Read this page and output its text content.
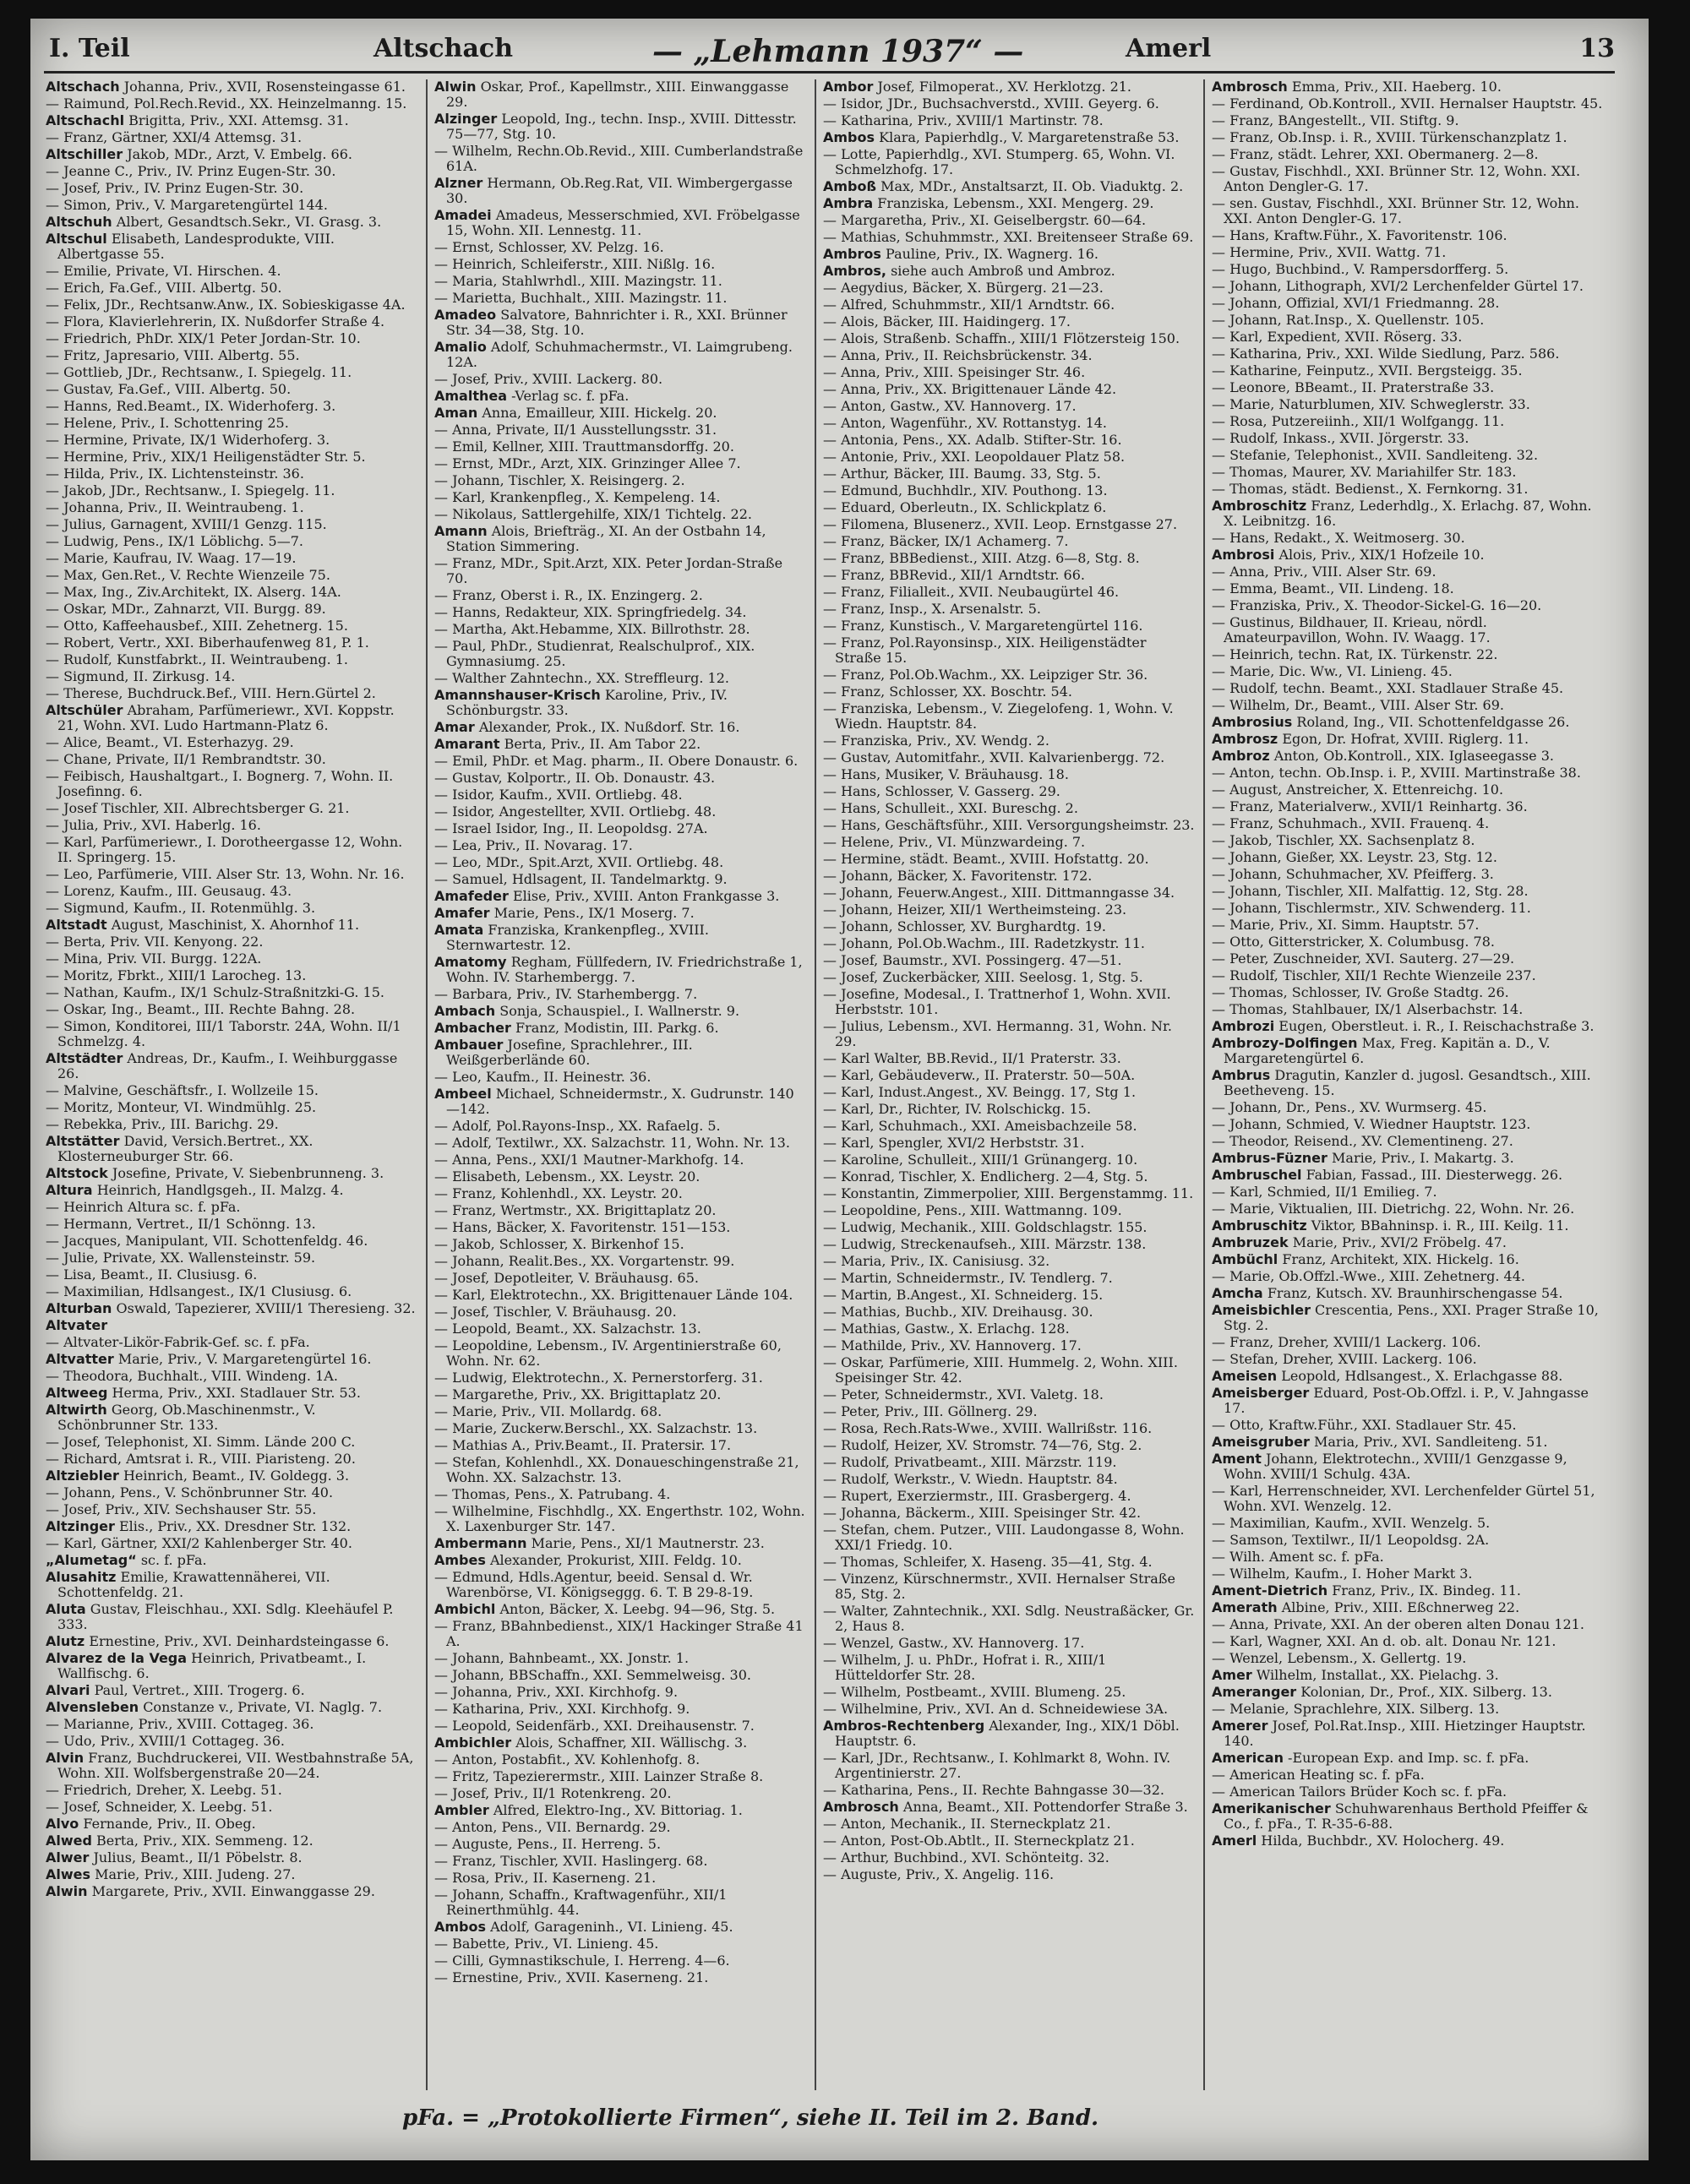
I. Teil	Altschach	— „Lehmann 1937“ —	Amerl	13
Altschach Johanna, Priv., XVII, Rosensteingasse 61.
— Raimund, Pol.Rech.Revid., XX. Heinzelmanng. 15.
Altschachl Brigitta, Priv., XXI. Attemsg. 31.
— Franz, Gärtner, XXI/4 Attemsg. 31.
Altschiller Jakob, MDr., Arzt, V. Embelg. 66.
— Jeanne C., Priv., IV. Prinz Eugen-Str. 30.
— Josef, Priv., IV. Prinz Eugen-Str. 30.
— Simon, Priv., V. Margaretengürtel 144.
Altschuh Albert, Gesandtsch.Sekr., VI. Grasg. 3.
Altschul Elisabeth, Landesprodukte, VIII. Albertgasse 55.
— Emilie, Private, VI. Hirschen. 4.
— Erich, Fa.Gef., VIII. Albertg. 50.
— Felix, JDr., Rechtsanw.Anw., IX. Sobieskigasse 4A.
— Flora, Klavierlehrerin, IX. Nußdorfer Straße 4.
— Friedrich, PhDr. XIX/1 Peter Jordan-Str. 10.
— Fritz, Japresario, VIII. Albertg. 55.
— Gottlieb, JDr., Rechtsanw., I. Spiegelg. 11.
— Gustav, Fa.Gef., VIII. Albertg. 50.
— Hanns, Red.Beamt., IX. Widerhoferg. 3.
— Helene, Priv., I. Schottenring 25.
— Hermine, Private, IX/1 Widerhoferg. 3.
— Hermine, Priv., XIX/1 Heiligenstädter Str. 5.
— Hilda, Priv., IX. Lichtensteinstr. 36.
— Jakob, JDr., Rechtsanw., I. Spiegelg. 11.
— Johanna, Priv., II. Weintraubeng. 1.
— Julius, Garnagent, XVIII/1 Genzg. 115.
— Ludwig, Pens., IX/1 Löblichg. 5—7.
— Marie, Kaufrau, IV. Waag. 17—19.
— Max, Gen.Ret., V. Rechte Wienzeile 75.
— Max, Ing., Ziv.Architekt, IX. Alserg. 14A.
— Oskar, MDr., Zahnarzt, VII. Burgg. 89.
— Otto, Kaffeehausbef., XIII. Zehetnerg. 15.
— Robert, Vertr., XXI. Biberhaufenweg 81, P. 1.
— Rudolf, Kunstfabrkt., II. Weintraubeng. 1.
— Sigmund, II. Zirkusg. 14.
— Therese, Buchdruck.Bef., VIII. Hern.Gürtel 2.
Altschüler Abraham, Parfümeriewr., XVI. Koppstr. 21, Wohn. XVI. Ludo Hartmann-Platz 6.
— Alice, Beamt., VI. Esterhazyg. 29.
— Chane, Private, II/1 Rembrandtstr. 30.
— Feibisch, Haushaltgart., I. Bognerg. 7, Wohn. II. Josefinng. 6.
— Josef Tischler, XII. Albrechtsberger G. 21.
— Julia, Priv., XVI. Haberlg. 16.
— Karl, Parfümeriewr., I. Dorotheergasse 12, Wohn. II. Springerg. 15.
— Leo, Parfümerie, VIII. Alser Str. 13, Wohn. Nr. 16.
— Lorenz, Kaufm., III. Geusaug. 43.
— Sigmund, Kaufm., II. Rotenmühlg. 3.
Altstadt August, Maschinist, X. Ahornhof 11.
— Berta, Priv. VII. Kenyong. 22.
— Mina, Priv. VII. Burgg. 122A.
— Moritz, Fbrkt., XIII/1 Larocheg. 13.
— Nathan, Kaufm., IX/1 Schulz-Straßnitzki-G. 15.
— Oskar, Ing., Beamt., III. Rechte Bahng. 28.
— Simon, Konditorei, III/1 Taborstr. 24A, Wohn. II/1 Schmelzg. 4.
Altstädter Andreas, Dr., Kaufm., I. Weihburggasse 26.
— Malvine, Geschäftsfr., I. Wollzeile 15.
— Moritz, Monteur, VI. Windmühlg. 25.
— Rebekka, Priv., III. Barichg. 29.
Altstätter David, Versich.Bertret., XX. Klosterneuburger Str. 66.
Altstock Josefine, Private, V. Siebenbrunneng. 3.
Altura Heinrich, Handlgsgeh., II. Malzg. 4.
— Heinrich Altura sc. f. pFa.
— Hermann, Vertret., II/1 Schönng. 13.
— Jacques, Manipulant, VII. Schottenfeldg. 46.
— Julie, Private, XX. Wallensteinstr. 59.
— Lisa, Beamt., II. Clusiusg. 6.
— Maximilian, Hdlsangest., IX/1 Clusiusg. 6.
Alturban Oswald, Tapezierer, XVIII/1 Theresieng. 32.
Altvater
— Altvater-Likör-Fabrik-Gef. sc. f. pFa.
Altvatter Marie, Priv., V. Margaretengürtel 16.
— Theodora, Buchhalt., VIII. Windeng. 1A.
Altweeg Herma, Priv., XXI. Stadlauer Str. 53.
Altwirth Georg, Ob.Maschinenmstr., V. Schönbrunner Str. 133.
— Josef, Telephonist, XI. Simm. Lände 200 C.
— Richard, Amtsrat i. R., VIII. Piaristeng. 20.
Altziebler Heinrich, Beamt., IV. Goldegg. 3.
— Johann, Pens., V. Schönbrunner Str. 40.
— Josef, Priv., XIV. Sechshauser Str. 55.
Altzinger Elis., Priv., XX. Dresdner Str. 132.
— Karl, Gärtner, XXI/2 Kahlenberger Str. 40.
„Alumetag“ sc. f. pFa.
Alusahitz Emilie, Krawattennäherei, VII. Schottenfeldg. 21.
Aluta Gustav, Fleischhau., XXI. Sdlg. Kleehäufel P. 333.
Alutz Ernestine, Priv., XVI. Deinhardsteingasse 6.
Alvarez de la Vega Heinrich, Privatbeamt., I. Wallfischg. 6.
Alvari Paul, Vertret., XIII. Trogerg. 6.
Alvensleben Constanze v., Private, VI. Naglg. 7.
— Marianne, Priv., XVIII. Cottageg. 36.
— Udo, Priv., XVIII/1 Cottageg. 36.
Alvin Franz, Buchdruckerei, VII. Westbahnstraße 5A, Wohn. XII. Wolfsbergenstraße 20—24.
— Friedrich, Dreher, X. Leebg. 51.
— Josef, Schneider, X. Leebg. 51.
Alvo Fernande, Priv., II. Obeg.
Alwed Berta, Priv., XIX. Semmeng. 12.
Alwer Julius, Beamt., II/1 Pöbelstr. 8.
Alwes Marie, Priv., XIII. Judeng. 27.
Alwin Margarete, Priv., XVII. Einwanggasse 29.
Alwin Oskar, Prof., Kapellmstr., XIII. Einwanggasse 29.
Alzinger Leopold, Ing., techn. Insp., XVIII. Dittesstr. 75—77, Stg. 10.
— Wilhelm, Rechn.Ob.Revid., XIII. Cumberlandstraße 61A.
Alzner Hermann, Ob.Reg.Rat, VII. Wimbergergasse 30.
Amadei Amadeus, Messerschmied, XVI. Fröbelgasse 15, Wohn. XII. Lennestg. 11.
— Ernst, Schlosser, XV. Pelzg. 16.
— Heinrich, Schleiferstr., XIII. Nißlg. 16.
— Maria, Stahlwrhdl., XIII. Mazingstr. 11.
— Marietta, Buchhalt., XIII. Mazingstr. 11.
Amadeo Salvatore, Bahnrichter i. R., XXI. Brünner Str. 34—38, Stg. 10.
Amalio Adolf, Schuhmachermstr., VI. Laimgrubeng. 12A.
— Josef, Priv., XVIII. Lackerg. 80.
Amalthea -Verlag sc. f. pFa.
Aman Anna, Emailleur, XIII. Hickelg. 20.
— Anna, Private, II/1 Ausstellungsstr. 31.
— Emil, Kellner, XIII. Trauttmansdorffg. 20.
— Ernst, MDr., Arzt, XIX. Grinzinger Allee 7.
— Johann, Tischler, X. Reisingerg. 2.
— Karl, Krankenpfleg., X. Kempeleng. 14.
— Nikolaus, Sattlergehilfe, XIX/1 Tichtelg. 22.
Amann Alois, Briefträg., XI. An der Ostbahn 14, Station Simmering.
— Franz, MDr., Spit.Arzt, XIX. Peter Jordan-Straße 70.
— Franz, Oberst i. R., IX. Enzingerg. 2.
— Hanns, Redakteur, XIX. Springfriedelg. 34.
— Martha, Akt.Hebamme, XIX. Billrothstr. 28.
— Paul, PhDr., Studienrat, Realschulprof., XIX. Gymnasiumg. 25.
— Walther Zahntechn., XX. Streffleurg. 12.
Amannshauser-Krisch Karoline, Priv., IV. Schönburgstr. 33.
Amar Alexander, Prok., IX. Nußdorf. Str. 16.
Amarant Berta, Priv., II. Am Tabor 22.
— Emil, PhDr. et Mag. pharm., II. Obere Donaustr. 6.
— Gustav, Kolportr., II. Ob. Donaustr. 43.
— Isidor, Kaufm., XVII. Ortliebg. 48.
— Isidor, Angestellter, XVII. Ortliebg. 48.
— Israel Isidor, Ing., II. Leopoldsg. 27A.
— Lea, Priv., II. Novarag. 17.
— Leo, MDr., Spit.Arzt, XVII. Ortliebg. 48.
— Samuel, Hdlsagent, II. Tandelmarktg. 9.
Amafeder Elise, Priv., XVIII. Anton Frankgasse 3.
Amafer Marie, Pens., IX/1 Moserg. 7.
Amata Franziska, Krankenpfleg., XVIII. Sternwartestr. 12.
Amatomy Regham, Füllfedern, IV. Friedrichstraße 1, Wohn. IV. Starhembergg. 7.
— Barbara, Priv., IV. Starhembergg. 7.
Ambach Sonja, Schauspiel., I. Wallnerstr. 9.
Ambacher Franz, Modistin, III. Parkg. 6.
Ambauer Josefine, Sprachlehrer., III. Weißgerberlände 60.
— Leo, Kaufm., II. Heinestr. 36.
Ambeel Michael, Schneidermstr., X. Gudrunstr. 140—142.
— Adolf, Pol.Rayons-Insp., XX. Rafaelg. 5.
— Adolf, Textilwr., XX. Salzachstr. 11, Wohn. Nr. 13.
— Anna, Pens., XXI/1 Mautner-Markhofg. 14.
— Elisabeth, Lebensm., XX. Leystr. 20.
— Franz, Kohlenhdl., XX. Leystr. 20.
— Franz, Wertmstr., XX. Brigittaplatz 20.
— Hans, Bäcker, X. Favoritenstr. 151—153.
— Jakob, Schlosser, X. Birkenhof 15.
— Johann, Realit.Bes., XX. Vorgartenstr. 99.
— Josef, Depotleiter, V. Bräuhausg. 65.
— Karl, Elektrotechn., XX. Brigittenauer Lände 104.
— Josef, Tischler, V. Bräuhausg. 20.
— Leopold, Beamt., XX. Salzachstr. 13.
— Leopoldine, Lebensm., IV. Argentinierstraße 60, Wohn. Nr. 62.
— Ludwig, Elektrotechn., X. Pernerstorferg. 31.
— Margarethe, Priv., XX. Brigittaplatz 20.
— Marie, Priv., VII. Mollardg. 68.
— Marie, Zuckerw.Berschl., XX. Salzachstr. 13.
— Mathias A., Priv.Beamt., II. Pratersir. 17.
— Stefan, Kohlenhdl., XX. Donaueschingenstraße 21, Wohn. XX. Salzachstr. 13.
— Thomas, Pens., X. Patrubang. 4.
— Wilhelmine, Fischhdlg., XX. Engerthstr. 102, Wohn. X. Laxenburger Str. 147.
Ambermann Marie, Pens., XI/1 Mautnerstr. 23.
Ambes Alexander, Prokurist, XIII. Feldg. 10.
— Edmund, Hdls.Agentur, beeid. Sensal d. Wr. Warenbörse, VI. Königseggg. 6. T. B 29-8-19.
Ambichl Anton, Bäcker, X. Leebg. 94—96, Stg. 5.
— Franz, BBahnbedienst., XIX/1 Hackinger Straße 41 A.
— Johann, Bahnbeamt., XX. Jonstr. 1.
— Johann, BBSchaffn., XXI. Semmelweisg. 30.
— Johanna, Priv., XXI. Kirchhofg. 9.
— Katharina, Priv., XXI. Kirchhofg. 9.
— Leopold, Seidenfärb., XXI. Dreihausenstr. 7.
Ambichler Alois, Schaffner, XII. Wällischg. 3.
— Anton, Postabfit., XV. Kohlenhofg. 8.
— Fritz, Tapezierermstr., XIII. Lainzer Straße 8.
— Josef, Priv., II/1 Rotenkreng. 20.
Ambler Alfred, Elektro-Ing., XV. Bittoriag. 1.
— Anton, Pens., VII. Bernardg. 29.
— Auguste, Pens., II. Herreng. 5.
— Franz, Tischler, XVII. Haslingerg. 68.
— Rosa, Priv., II. Kaserneng. 21.
— Johann, Schaffn., Kraftwagenführ., XII/1 Reinerthmühlg. 44.
Ambos Adolf, Garageninh., VI. Linieng. 45.
— Babette, Priv., VI. Linieng. 45.
— Cilli, Gymnastikschule, I. Herreng. 4—6.
— Ernestine, Priv., XVII. Kaserneng. 21.
Ambor Josef, Filmoperat., XV. Herklotzg. 21.
— Isidor, JDr., Buchsachverstd., XVIII. Geyerg. 6.
— Katharina, Priv., XVIII/1 Martinstr. 78.
Ambos Klara, Papierhdlg., V. Margaretenstraße 53.
— Lotte, Papierhdlg., XVI. Stumperg. 65, Wohn. VI. Schmelzhofg. 17.
Amboß Max, MDr., Anstaltsarzt, II. Ob. Viaduktg. 2.
Ambra Franziska, Lebensm., XXI. Mengerg. 29.
— Margaretha, Priv., XI. Geiselbergstr. 60—64.
— Mathias, Schuhmmstr., XXI. Breitenseer Straße 69.
Ambros Pauline, Priv., IX. Wagnerg. 16.
Ambros, siehe auch Ambroß und Ambroz.
— Aegydius, Bäcker, X. Bürgerg. 21—23.
— Alfred, Schuhmmstr., XII/1 Arndtstr. 66.
— Alois, Bäcker, III. Haidingerg. 17.
— Alois, Straßenb. Schaffn., XIII/1 Flötzersteig 150.
— Anna, Priv., II. Reichsbrückenstr. 34.
— Anna, Priv., XIII. Speisinger Str. 46.
— Anna, Priv., XX. Brigittenauer Lände 42.
— Anton, Gastw., XV. Hannoverg. 17.
— Anton, Wagenführ., XV. Rottanstyg. 14.
— Antonia, Pens., XX. Adalb. Stifter-Str. 16.
— Antonie, Priv., XXI. Leopoldauer Platz 58.
— Arthur, Bäcker, III. Baumg. 33, Stg. 5.
— Edmund, Buchhdlr., XIV. Pouthong. 13.
— Eduard, Oberleutn., IX. Schlickplatz 6.
— Filomena, Blusenerz., XVII. Leop. Ernstgasse 27.
— Franz, Bäcker, IX/1 Achamerg. 7.
— Franz, BBBedienst., XIII. Atzg. 6—8, Stg. 8.
— Franz, BBRevid., XII/1 Arndtstr. 66.
— Franz, Filialleit., XVII. Neubaugürtel 46.
— Franz, Insp., X. Arsenalstr. 5.
— Franz, Kunstisch., V. Margaretengürtel 116.
— Franz, Pol.Rayonsinsp., XIX. Heiligenstädter Straße 15.
— Franz, Pol.Ob.Wachm., XX. Leipziger Str. 36.
— Franz, Schlosser, XX. Boschtr. 54.
— Franziska, Lebensm., V. Ziegelofeng. 1, Wohn. V. Wiedn. Hauptstr. 84.
— Franziska, Priv., XV. Wendg. 2.
— Gustav, Automitfahr., XVII. Kalvarienbergg. 72.
— Hans, Musiker, V. Bräuhausg. 18.
— Hans, Schlosser, V. Gasserg. 29.
— Hans, Schulleit., XXI. Bureschg. 2.
— Hans, Geschäftsführ., XIII. Versorgungsheimstr. 23.
— Helene, Priv., VI. Münzwardeing. 7.
— Hermine, städt. Beamt., XVIII. Hofstattg. 20.
— Johann, Bäcker, X. Favoritenstr. 172.
— Johann, Feuerw.Angest., XIII. Dittmanngasse 34.
— Johann, Heizer, XII/1 Wertheimsteing. 23.
— Johann, Schlosser, XV. Burghardtg. 19.
— Johann, Pol.Ob.Wachm., III. Radetzkystr. 11.
— Josef, Baumstr., XVI. Possingerg. 47—51.
— Josef, Zuckerbäcker, XIII. Seelosg. 1, Stg. 5.
— Josefine, Modesal., I. Trattnerhof 1, Wohn. XVII. Herbststr. 101.
— Julius, Lebensm., XVI. Hermanng. 31, Wohn. Nr. 29.
— Karl Walter, BB.Revid., II/1 Praterstr. 33.
— Karl, Gebäudeverw., II. Praterstr. 50—50A.
— Karl, Indust.Angest., XV. Beingg. 17, Stg 1.
— Karl, Dr., Richter, IV. Rolschickg. 15.
— Karl, Schuhmach., XXI. Ameisbachzeile 58.
— Karl, Spengler, XVI/2 Herbststr. 31.
— Karoline, Schulleit., XIII/1 Grünangerg. 10.
— Konrad, Tischler, X. Endlicherg. 2—4, Stg. 5.
— Konstantin, Zimmerpolier, XIII. Bergenstammg. 11.
— Leopoldine, Pens., XIII. Wattmanng. 109.
— Ludwig, Mechanik., XIII. Goldschlagstr. 155.
— Ludwig, Streckenaufseh., XIII. Märzstr. 138.
— Maria, Priv., IX. Canisiusg. 32.
— Martin, Schneidermstr., IV. Tendlerg. 7.
— Martin, B.Angest., XI. Schneiderg. 15.
— Mathias, Buchb., XIV. Dreihausg. 30.
— Mathias, Gastw., X. Erlachg. 128.
— Mathilde, Priv., XV. Hannoverg. 17.
— Oskar, Parfümerie, XIII. Hummelg. 2, Wohn. XIII. Speisinger Str. 42.
— Peter, Schneidermstr., XVI. Valetg. 18.
— Peter, Priv., III. Göllnerg. 29.
— Rosa, Rech.Rats-Wwe., XVIII. Wallrißstr. 116.
— Rudolf, Heizer, XV. Stromstr. 74—76, Stg. 2.
— Rudolf, Privatbeamt., XIII. Märzstr. 119.
— Rudolf, Werkstr., V. Wiedn. Hauptstr. 84.
— Rupert, Exerziermstr., III. Grasbergerg. 4.
— Johanna, Bäckerm., XIII. Speisinger Str. 42.
— Stefan, chem. Putzer., VIII. Laudongasse 8, Wohn. XXI/1 Friedg. 10.
— Thomas, Schleifer, X. Haseng. 35—41, Stg. 4.
— Vinzenz, Kürschnermstr., XVII. Hernalser Straße 85, Stg. 2.
— Walter, Zahntechnik., XXI. Sdlg. Neustraßäcker, Gr. 2, Haus 8.
— Wenzel, Gastw., XV. Hannoverg. 17.
— Wilhelm, J. u. PhDr., Hofrat i. R., XIII/1 Hütteldorfer Str. 28.
— Wilhelm, Postbeamt., XVIII. Blumeng. 25.
— Wilhelmine, Priv., XVI. An d. Schneidewiese 3A.
Ambros-Rechtenberg Alexander, Ing., XIX/1 Döbl. Hauptstr. 6.
— Karl, JDr., Rechtsanw., I. Kohlmarkt 8, Wohn. IV. Argentinierstr. 27.
— Katharina, Pens., II. Rechte Bahngasse 30—32.
Ambrosch Anna, Beamt., XII. Pottendorfer Straße 3.
— Anton, Mechanik., II. Sterneckplatz 21.
— Anton, Post-Ob.Abtlt., II. Sterneckplatz 21.
— Arthur, Buchbind., XVI. Schönteitg. 32.
— Auguste, Priv., X. Angelig. 116.
Ambrosch Emma, Priv., XII. Haeberg. 10.
— Ferdinand, Ob.Kontroll., XVII. Hernalser Hauptstr. 45.
— Franz, BAngestellt., VII. Stiftg. 9.
— Franz, Ob.Insp. i. R., XVIII. Türkenschanzplatz 1.
— Franz, städt. Lehrer, XXI. Obermanerg. 2—8.
— Gustav, Fischhdl., XXI. Brünner Str. 12, Wohn. XXI. Anton Dengler-G. 17.
— sen. Gustav, Fischhdl., XXI. Brünner Str. 12, Wohn. XXI. Anton Dengler-G. 17.
— Hans, Kraftw.Führ., X. Favoritenstr. 106.
— Hermine, Priv., XVII. Wattg. 71.
— Hugo, Buchbind., V. Rampersdorfferg. 5.
— Johann, Lithograph, XVI/2 Lerchenfelder Gürtel 17.
— Johann, Offizial, XVI/1 Friedmanng. 28.
— Johann, Rat.Insp., X. Quellenstr. 105.
— Karl, Expedient, XVII. Röserg. 33.
— Katharina, Priv., XXI. Wilde Siedlung, Parz. 586.
— Katharine, Feinputz., XVII. Bergsteigg. 35.
— Leonore, BBeamt., II. Praterstraße 33.
— Marie, Naturblumen, XIV. Schweglerstr. 33.
— Rosa, Putzereiinh., XII/1 Wolfgangg. 11.
— Rudolf, Inkass., XVII. Jörgerstr. 33.
— Stefanie, Telephonist., XVII. Sandleiteng. 32.
— Thomas, Maurer, XV. Mariahilfer Str. 183.
— Thomas, städt. Bedienst., X. Fernkorng. 31.
Ambroschitz Franz, Lederhdlg., X. Erlachg. 87, Wohn. X. Leibnitzg. 16.
— Hans, Redakt., X. Weitmoserg. 30.
Ambrosi Alois, Priv., XIX/1 Hofzeile 10.
— Anna, Priv., VIII. Alser Str. 69.
— Emma, Beamt., VII. Lindeng. 18.
— Franziska, Priv., X. Theodor-Sickel-G. 16—20.
— Gustinus, Bildhauer, II. Krieau, nördl. Amateurpavillon, Wohn. IV. Waagg. 17.
— Heinrich, techn. Rat, IX. Türkenstr. 22.
— Marie, Dic. Ww., VI. Linieng. 45.
— Rudolf, techn. Beamt., XXI. Stadlauer Straße 45.
— Wilhelm, Dr., Beamt., VIII. Alser Str. 69.
Ambrosius Roland, Ing., VII. Schottenfeldgasse 26.
Ambrosz Egon, Dr. Hofrat, XVIII. Riglerg. 11.
Ambroz Anton, Ob.Kontroll., XIX. Iglaseegasse 3.
— Anton, techn. Ob.Insp. i. P., XVIII. Martinstraße 38.
— August, Anstreicher, X. Ettenreichg. 10.
— Franz, Materialverw., XVII/1 Reinhartg. 36.
— Franz, Schuhmach., XVII. Frauenq. 4.
— Jakob, Tischler, XX. Sachsenplatz 8.
— Johann, Gießer, XX. Leystr. 23, Stg. 12.
— Johann, Schuhmacher, XV. Pfeifferg. 3.
— Johann, Tischler, XII. Malfattig. 12, Stg. 28.
— Johann, Tischlermstr., XIV. Schwenderg. 11.
— Marie, Priv., XI. Simm. Hauptstr. 57.
— Otto, Gitterstricker, X. Columbusg. 78.
— Peter, Zuschneider, XVI. Sauterg. 27—29.
— Rudolf, Tischler, XII/1 Rechte Wienzeile 237.
— Thomas, Schlosser, IV. Große Stadtg. 26.
— Thomas, Stahlbauer, IX/1 Alserbachstr. 14.
Ambrozi Eugen, Oberstleut. i. R., I. Reischachstraße 3.
Ambrozy-Dolfingen Max, Freg. Kapitän a. D., V. Margaretengürtel 6.
Ambrus Dragutin, Kanzler d. jugosl. Gesandtsch., XIII. Beetheveng. 15.
— Johann, Dr., Pens., XV. Wurmserg. 45.
— Johann, Schmied, V. Wiedner Hauptstr. 123.
— Theodor, Reisend., XV. Clementineng. 27.
Ambrus-Füzner Marie, Priv., I. Makartg. 3.
Ambruschel Fabian, Fassad., III. Diesterwegg. 26.
— Karl, Schmied, II/1 Emilieg. 7.
— Marie, Viktualien, III. Dietrichg. 22, Wohn. Nr. 26.
Ambruschitz Viktor, BBahninsp. i. R., III. Keilg. 11.
Ambruzek Marie, Priv., XVI/2 Fröbelg. 47.
Ambüchl Franz, Architekt, XIX. Hickelg. 16.
— Marie, Ob.Offzl.-Wwe., XIII. Zehetnerg. 44.
Amcha Franz, Kutsch. XV. Braunhirschengasse 54.
Ameisbichler Crescentia, Pens., XXI. Prager Straße 10, Stg. 2.
— Franz, Dreher, XVIII/1 Lackerg. 106.
— Stefan, Dreher, XVIII. Lackerg. 106.
Ameisen Leopold, Hdlsangest., X. Erlachgasse 88.
Ameisberger Eduard, Post-Ob.Offzl. i. P., V. Jahngasse 17.
— Otto, Kraftw.Führ., XXI. Stadlauer Str. 45.
Ameisgruber Maria, Priv., XVI. Sandleiteng. 51.
Ament Johann, Elektrotechn., XVIII/1 Genzgasse 9, Wohn. XVIII/1 Schulg. 43A.
— Karl, Herrenschneider, XVI. Lerchenfelder Gürtel 51, Wohn. XVI. Wenzelg. 12.
— Maximilian, Kaufm., XVII. Wenzelg. 5.
— Samson, Textilwr., II/1 Leopoldsg. 2A.
— Wilh. Ament sc. f. pFa.
— Wilhelm, Kaufm., I. Hoher Markt 3.
Ament-Dietrich Franz, Priv., IX. Bindeg. 11.
Amerath Albine, Priv., XIII. Eßchnerweg 22.
— Anna, Private, XXI. An der oberen alten Donau 121.
— Karl, Wagner, XXI. An d. ob. alt. Donau Nr. 121.
— Wenzel, Lebensm., X. Gellertg. 19.
Amer Wilhelm, Installat., XX. Pielachg. 3.
Ameranger Kolonian, Dr., Prof., XIX. Silberg. 13.
— Melanie, Sprachlehre, XIX. Silberg. 13.
Amerer Josef, Pol.Rat.Insp., XIII. Hietzinger Hauptstr. 140.
American -European Exp. and Imp. sc. f. pFa.
— American Heating sc. f. pFa.
— American Tailors Brüder Koch sc. f. pFa.
Amerikanischer Schuhwarenhaus Berthold Pfeiffer & Co., f. pFa., T. R-35-6-88.
Amerl Hilda, Buchbdr., XV. Holocherg. 49.
pFa. = „Protokollierte Firmen“, siehe II. Teil im 2. Band.
